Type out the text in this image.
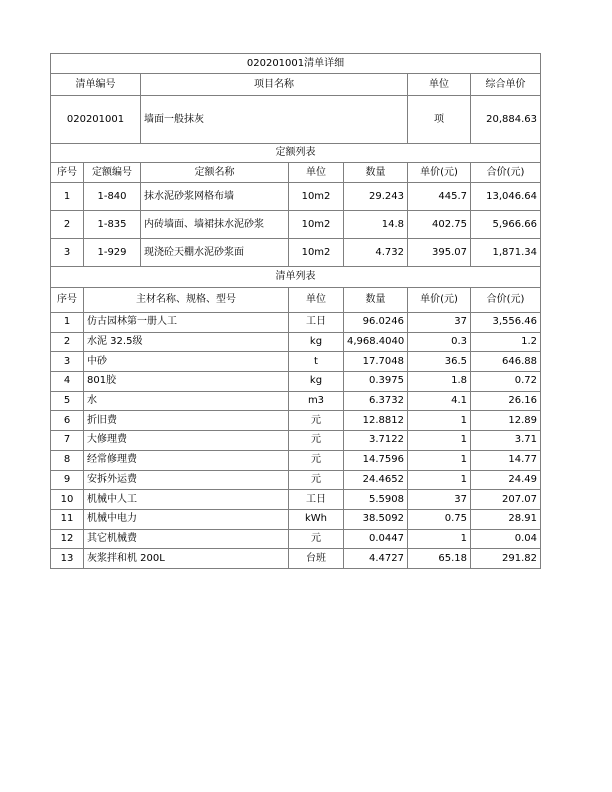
020201001清单详细						
清单编号		项目名称			单位	综合单价
020201001		墙面一般抹灰			项	20,884.63
定额列表						
序号	定额编号	定额名称	单位	数量	单价(元)	合价(元)
1	1-840	抹水泥砂浆网格布墙	10m2	29.243	445.7	13,046.64
2	1-835	内砖墙面、墙裙抹水泥砂浆	10m2	14.8	402.75	5,966.66
3	1-929	现浇砼天棚水泥砂浆面	10m2	4.732	395.07	1,871.34
清单列表						
序号	主材名称、规格、型号		单位	数量	单价(元)	合价(元)
1	仿古园林第一册人工		工日	96.0246	37	3,556.46
2	水泥 32.5级		kg	4,968.4040	0.3	1.2
3	中砂		t	17.7048	36.5	646.88
4	801胶		kg	0.3975	1.8	0.72
5	水		m3	6.3732	4.1	26.16
6	折旧费		元	12.8812	1	12.89
7	大修理费		元	3.7122	1	3.71
8	经常修理费		元	14.7596	1	14.77
9	安拆外运费		元	24.4652	1	24.49
10	机械中人工		工日	5.5908	37	207.07
11	机械中电力		kWh	38.5092	0.75	28.91
12	其它机械费		元	0.0447	1	0.04
13	灰浆拌和机 200L		台班	4.4727	65.18	291.82
